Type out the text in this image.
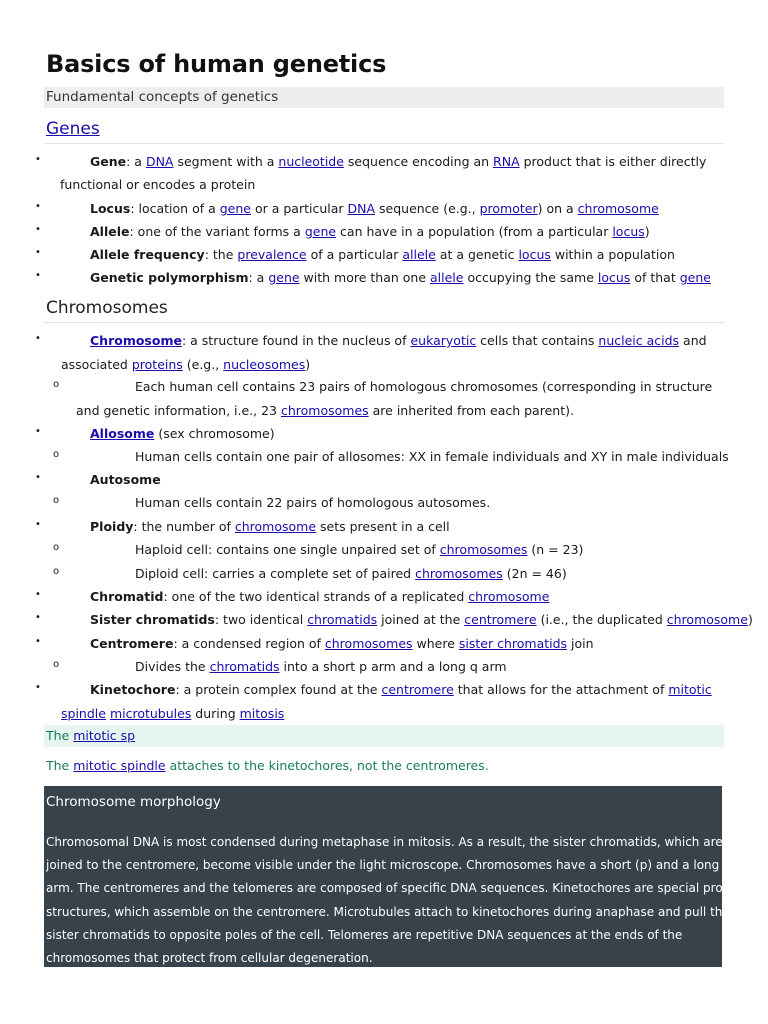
Basics of human genetics
Fundamental concepts of genetics
Genes
•	Gene: a DNA segment with a nucleotide sequence encoding an RNA product that is either directly
functional or encodes a protein
•	Locus: location of a gene or a particular DNA sequence (e.g., promoter) on a chromosome
•	Allele: one of the variant forms a gene can have in a population (from a particular locus)
•	Allele frequency: the prevalence of a particular allele at a genetic locus within a population
•	Genetic polymorphism: a gene with more than one allele occupying the same locus of that gene
Chromosomes
•	Chromosome: a structure found in the nucleus of eukaryotic cells that contains nucleic acids and
associated proteins (e.g., nucleosomes)
o	Each human cell contains 23 pairs of homologous chromosomes (corresponding in structure
and genetic information, i.e., 23 chromosomes are inherited from each parent).
•	Allosome (sex chromosome)
o	Human cells contain one pair of allosomes: XX in female individuals and XY in male individuals
•	Autosome
o	Human cells contain 22 pairs of homologous autosomes.
•	Ploidy: the number of chromosome sets present in a cell
o	Haploid cell: contains one single unpaired set of chromosomes (n = 23)
o	Diploid cell: carries a complete set of paired chromosomes (2n = 46)
•	Chromatid: one of the two identical strands of a replicated chromosome
•	Sister chromatids: two identical chromatids joined at the centromere (i.e., the duplicated chromosome)
•	Centromere: a condensed region of chromosomes where sister chromatids join
o	Divides the chromatids into a short p arm and a long q arm
•	Kinetochore: a protein complex found at the centromere that allows for the attachment of mitotic
spindle microtubules during mitosis
The mitotic sp
The mitotic spindle attaches to the kinetochores, not the centromeres.
Chromosome morphology
Chromosomal DNA is most condensed during metaphase in mitosis. As a result, the sister chromatids, which are
joined to the centromere, become visible under the light microscope. Chromosomes have a short (p) and a long (q)
arm. The centromeres and the telomeres are composed of specific DNA sequences. Kinetochores are special protein
structures, which assemble on the centromere. Microtubules attach to kinetochores during anaphase and pull the
sister chromatids to opposite poles of the cell. Telomeres are repetitive DNA sequences at the ends of the
chromosomes that protect from cellular degeneration.
